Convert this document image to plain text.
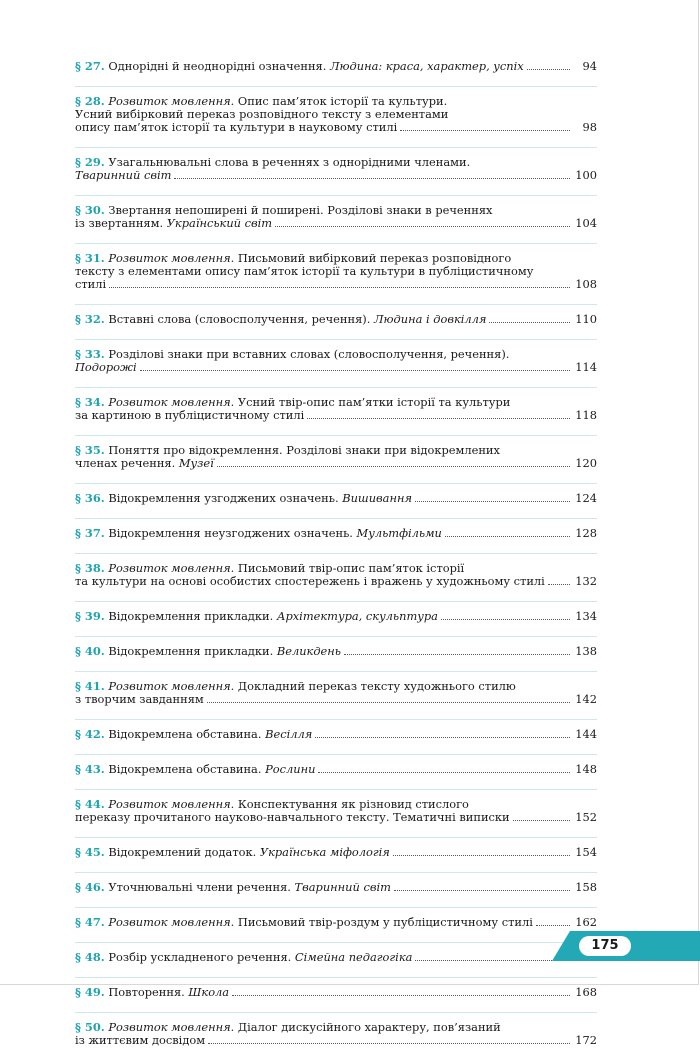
§ 27. Однорідні й неоднорідні означення. Людина: краса, характер, успіх	94
§ 28. Розвиток мовлення. Опис пам’яток історії та культури.
Усний вибірковий переказ розповідного тексту з елементами
опису пам’яток історії та культури в науковому стилі	98
§ 29. Узагальнювальні слова в реченнях з однорідними членами.
Тваринний світ	100
§ 30. Звертання непоширені й поширені. Розділові знаки в реченнях
із звертанням. Український світ	104
§ 31. Розвиток мовлення. Письмовий вибірковий переказ розповідного
тексту з елементами опису пам’яток історії та культури в публіцистичному
стилі	108
§ 32. Вставні слова (словосполучення, речення). Людина і довкілля	110
§ 33. Розділові знаки при вставних словах (словосполучення, речення).
Подорожі	114
§ 34. Розвиток мовлення. Усний твір-опис пам’ятки історії та культури
за картиною в публіцистичному стилі	118
§ 35. Поняття про відокремлення. Розділові знаки при відокремлених
членах речення. Музеї	120
§ 36. Відокремлення узгоджених означень. Вишивання	124
§ 37. Відокремлення неузгоджених означень. Мультфільми	128
§ 38. Розвиток мовлення. Письмовий твір-опис пам’яток історії
та культури на основі особистих спостережень і вражень у художньому стилі	132
§ 39. Відокремлення прикладки. Архітектура, скульптура	134
§ 40. Відокремлення прикладки. Великдень	138
§ 41. Розвиток мовлення. Докладний переказ тексту художнього стилю
з творчим завданням	142
§ 42. Відокремлена обставина. Весілля	144
§ 43. Відокремлена обставина. Рослини	148
§ 44. Розвиток мовлення. Конспектування як різновид стислого
переказу прочитаного науково-навчального тексту. Тематичні виписки	152
§ 45. Відокремлений додаток. Українська міфологія	154
§ 46. Уточнювальні члени речення. Тваринний світ	158
§ 47. Розвиток мовлення. Письмовий твір-роздум у публіцистичному стилі	162
§ 48. Розбір ускладненого речення. Сімейна педагогіка
§ 49. Повторення. Школа	168
§ 50. Розвиток мовлення. Діалог дискусійного характеру, пов’язаний
із життєвим досвідом	172
175
